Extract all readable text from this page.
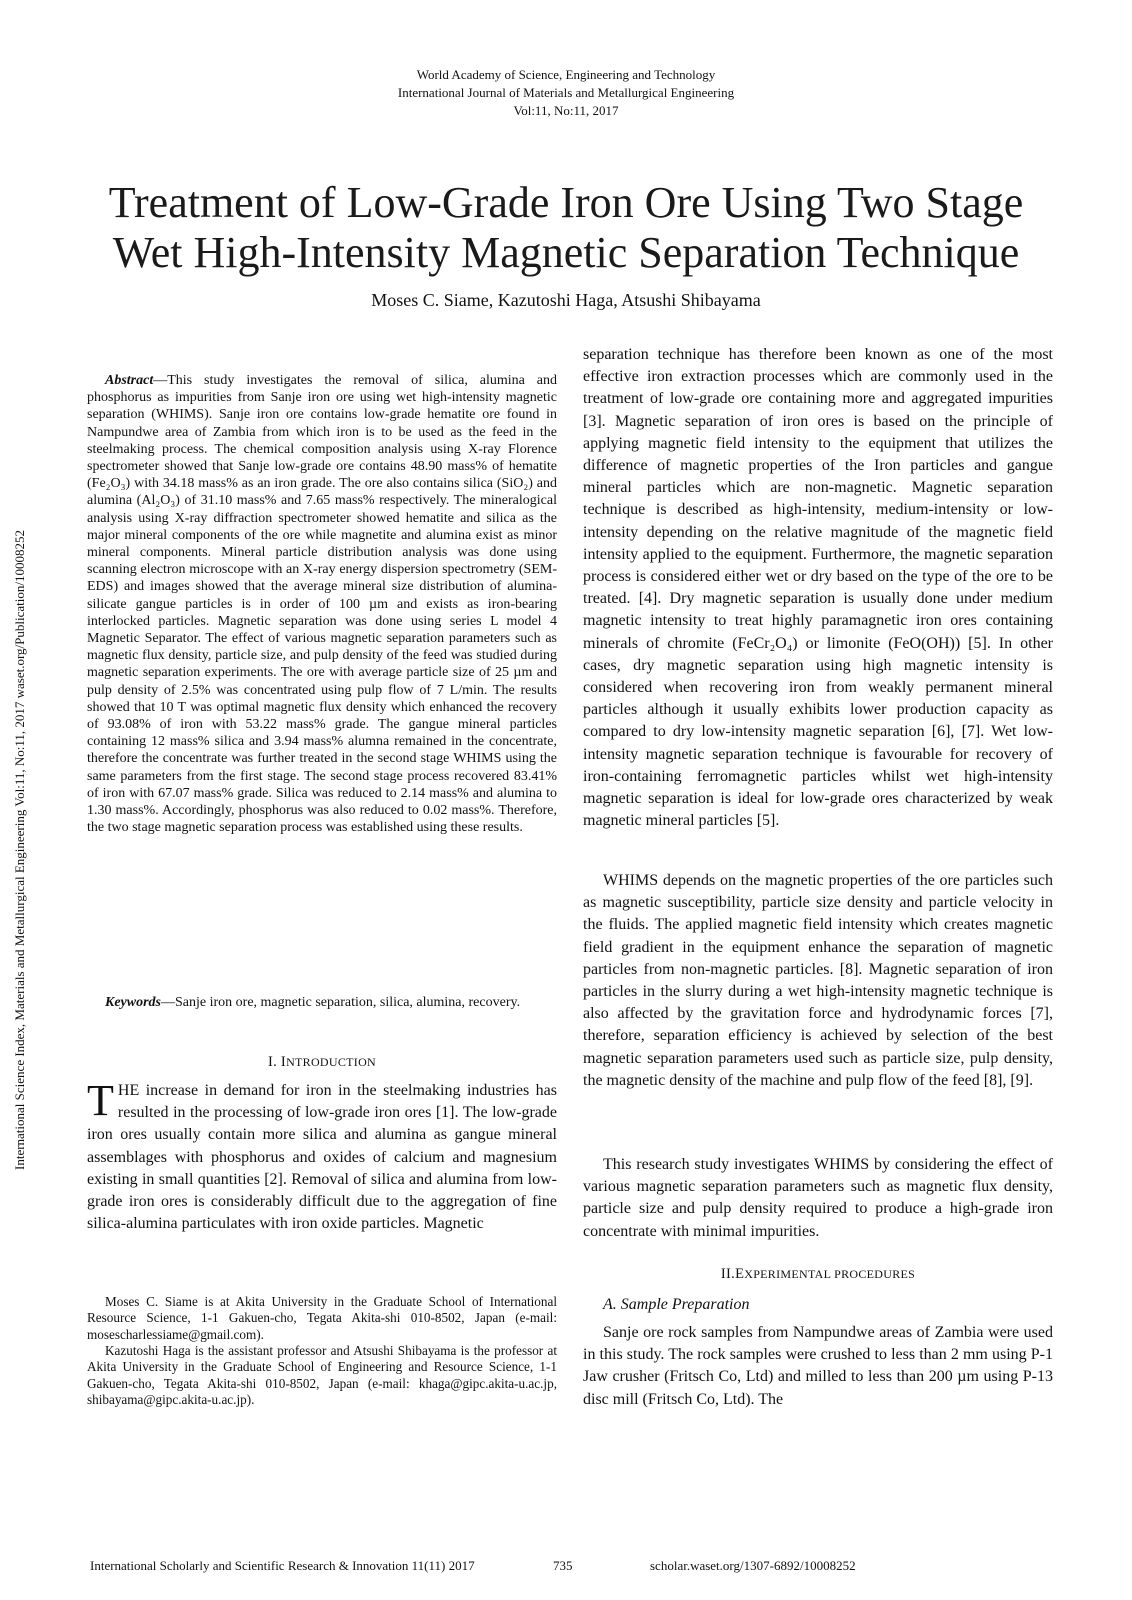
World Academy of Science, Engineering and Technology
International Journal of Materials and Metallurgical Engineering
Vol:11, No:11, 2017
Treatment of Low-Grade Iron Ore Using Two Stage
Wet High-Intensity Magnetic Separation Technique
Moses C. Siame, Kazutoshi Haga, Atsushi Shibayama
International Science Index, Materials and Metallurgical Engineering Vol:11, No:11, 2017 waset.org/Publication/10008252
Abstract—This study investigates the removal of silica, alumina and phosphorus as impurities from Sanje iron ore using wet high-intensity magnetic separation (WHIMS). Sanje iron ore contains low-grade hematite ore found in Nampundwe area of Zambia from which iron is to be used as the feed in the steelmaking process. The chemical composition analysis using X-ray Florence spectrometer showed that Sanje low-grade ore contains 48.90 mass% of hematite (Fe₂O₃) with 34.18 mass% as an iron grade. The ore also contains silica (SiO₂) and alumina (Al₂O₃) of 31.10 mass% and 7.65 mass% respectively. The mineralogical analysis using X-ray diffraction spectrometer showed hematite and silica as the major mineral components of the ore while magnetite and alumina exist as minor mineral components. Mineral particle distribution analysis was done using scanning electron microscope with an X-ray energy dispersion spectrometry (SEM-EDS) and images showed that the average mineral size distribution of alumina-silicate gangue particles is in order of 100 µm and exists as iron-bearing interlocked particles. Magnetic separation was done using series L model 4 Magnetic Separator. The effect of various magnetic separation parameters such as magnetic flux density, particle size, and pulp density of the feed was studied during magnetic separation experiments. The ore with average particle size of 25 µm and pulp density of 2.5% was concentrated using pulp flow of 7 L/min. The results showed that 10 T was optimal magnetic flux density which enhanced the recovery of 93.08% of iron with 53.22 mass% grade. The gangue mineral particles containing 12 mass% silica and 3.94 mass% alumna remained in the concentrate, therefore the concentrate was further treated in the second stage WHIMS using the same parameters from the first stage. The second stage process recovered 83.41% of iron with 67.07 mass% grade. Silica was reduced to 2.14 mass% and alumina to 1.30 mass%. Accordingly, phosphorus was also reduced to 0.02 mass%. Therefore, the two stage magnetic separation process was established using these results.
Keywords—Sanje iron ore, magnetic separation, silica, alumina, recovery.
I. INTRODUCTION
THE increase in demand for iron in the steelmaking industries has resulted in the processing of low-grade iron ores [1]. The low-grade iron ores usually contain more silica and alumina as gangue mineral assemblages with phosphorus and oxides of calcium and magnesium existing in small quantities [2]. Removal of silica and alumina from low-grade iron ores is considerably difficult due to the aggregation of fine silica-alumina particulates with iron oxide particles. Magnetic
Moses C. Siame is at Akita University in the Graduate School of International Resource Science, 1-1 Gakuen-cho, Tegata Akita-shi 010-8502, Japan (e-mail: mosescharlessiame@gmail.com).
Kazutoshi Haga is the assistant professor and Atsushi Shibayama is the professor at Akita University in the Graduate School of Engineering and Resource Science, 1-1 Gakuen-cho, Tegata Akita-shi 010-8502, Japan (e-mail: khaga@gipc.akita-u.ac.jp, shibayama@gipc.akita-u.ac.jp).
separation technique has therefore been known as one of the most effective iron extraction processes which are commonly used in the treatment of low-grade ore containing more and aggregated impurities [3]. Magnetic separation of iron ores is based on the principle of applying magnetic field intensity to the equipment that utilizes the difference of magnetic properties of the Iron particles and gangue mineral particles which are non-magnetic. Magnetic separation technique is described as high-intensity, medium-intensity or low-intensity depending on the relative magnitude of the magnetic field intensity applied to the equipment. Furthermore, the magnetic separation process is considered either wet or dry based on the type of the ore to be treated. [4]. Dry magnetic separation is usually done under medium magnetic intensity to treat highly paramagnetic iron ores containing minerals of chromite (FeCr₂O₄) or limonite (FeO(OH)) [5]. In other cases, dry magnetic separation using high magnetic intensity is considered when recovering iron from weakly permanent mineral particles although it usually exhibits lower production capacity as compared to dry low-intensity magnetic separation [6], [7]. Wet low-intensity magnetic separation technique is favourable for recovery of iron-containing ferromagnetic particles whilst wet high-intensity magnetic separation is ideal for low-grade ores characterized by weak magnetic mineral particles [5].
WHIMS depends on the magnetic properties of the ore particles such as magnetic susceptibility, particle size density and particle velocity in the fluids. The applied magnetic field intensity which creates magnetic field gradient in the equipment enhance the separation of magnetic particles from non-magnetic particles. [8]. Magnetic separation of iron particles in the slurry during a wet high-intensity magnetic technique is also affected by the gravitation force and hydrodynamic forces [7], therefore, separation efficiency is achieved by selection of the best magnetic separation parameters used such as particle size, pulp density, the magnetic density of the machine and pulp flow of the feed [8], [9].
This research study investigates WHIMS by considering the effect of various magnetic separation parameters such as magnetic flux density, particle size and pulp density required to produce a high-grade iron concentrate with minimal impurities.
II.EXPERIMENTAL PROCEDURES
A. Sample Preparation
Sanje ore rock samples from Nampundwe areas of Zambia were used in this study. The rock samples were crushed to less than 2 mm using P-1 Jaw crusher (Fritsch Co, Ltd) and milled to less than 200 µm using P-13 disc mill (Fritsch Co, Ltd). The
International Scholarly and Scientific Research & Innovation 11(11) 2017	735	scholar.waset.org/1307-6892/10008252
